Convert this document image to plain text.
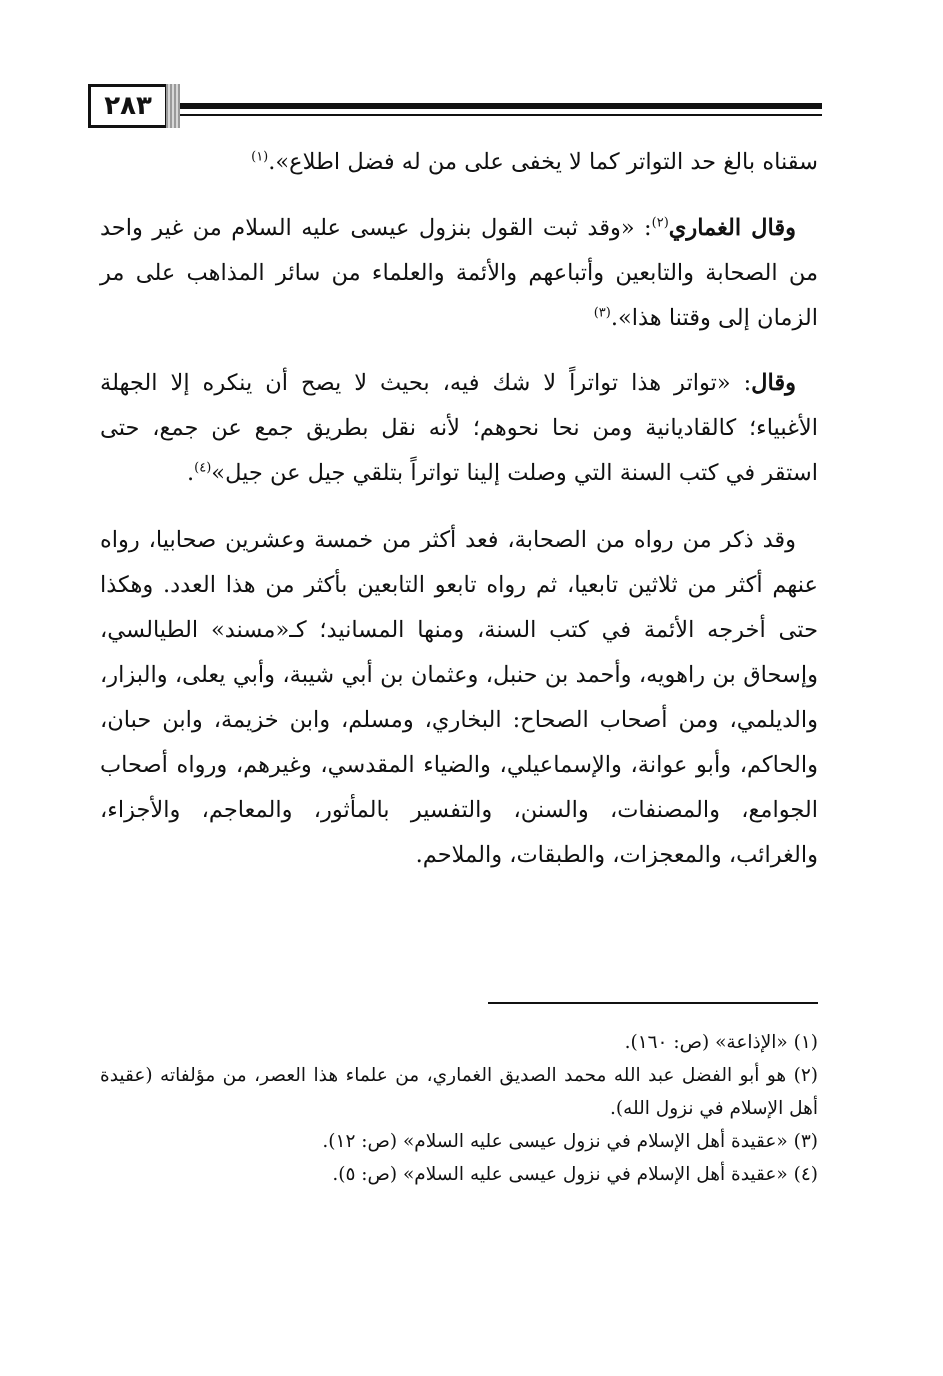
٢٨٣

سقناه بالغ حد التواتر كما لا يخفى على من له فضل اطلاع».$^{(١)}$

وقال الغماري$^{(٢)}$: «وقد ثبت القول بنزول عيسى عليه السلام من غير واحد من الصحابة والتابعين وأتباعهم والأئمة والعلماء من سائر المذاهب على مر الزمان إلى وقتنا هذا».$^{(٣)}$

وقال: «تواتر هذا تواتراً لا شك فيه، بحيث لا يصح أن ينكره إلا الجهلة الأغبياء؛ كالقاديانية ومن نحا نحوهم؛ لأنه نقل بطريق جمع عن جمع، حتى استقر في كتب السنة التي وصلت إلينا تواتراً بتلقي جيل عن جيل»$^{(٤)}$.

وقد ذكر من رواه من الصحابة، فعد أكثر من خمسة وعشرين صحابيا، رواه عنهم أكثر من ثلاثين تابعيا، ثم رواه تابعو التابعين بأكثر من هذا العدد. وهكذا حتى أخرجه الأئمة في كتب السنة، ومنها المسانيد؛ كـ«مسند» الطيالسي، وإسحاق بن راهويه، وأحمد بن حنبل، وعثمان بن أبي شيبة، وأبي يعلى، والبزار، والديلمي، ومن أصحاب الصحاح: البخاري، ومسلم، وابن خزيمة، وابن حبان، والحاكم، وأبو عوانة، والإسماعيلي، والضياء المقدسي، وغيرهم، ورواه أصحاب الجوامع، والمصنفات، والسنن، والتفسير بالمأثور، والمعاجم، والأجزاء، والغرائب، والمعجزات، والطبقات، والملاحم.

(١) «الإذاعة» (ص: ١٦٠).

(٢) هو أبو الفضل عبد الله محمد الصديق الغماري، من علماء هذا العصر، من مؤلفاته (عقيدة أهل الإسلام في نزول الله).

(٣) «عقيدة أهل الإسلام في نزول عيسى عليه السلام» (ص: ١٢).

(٤) «عقيدة أهل الإسلام في نزول عيسى عليه السلام» (ص: ٥).
